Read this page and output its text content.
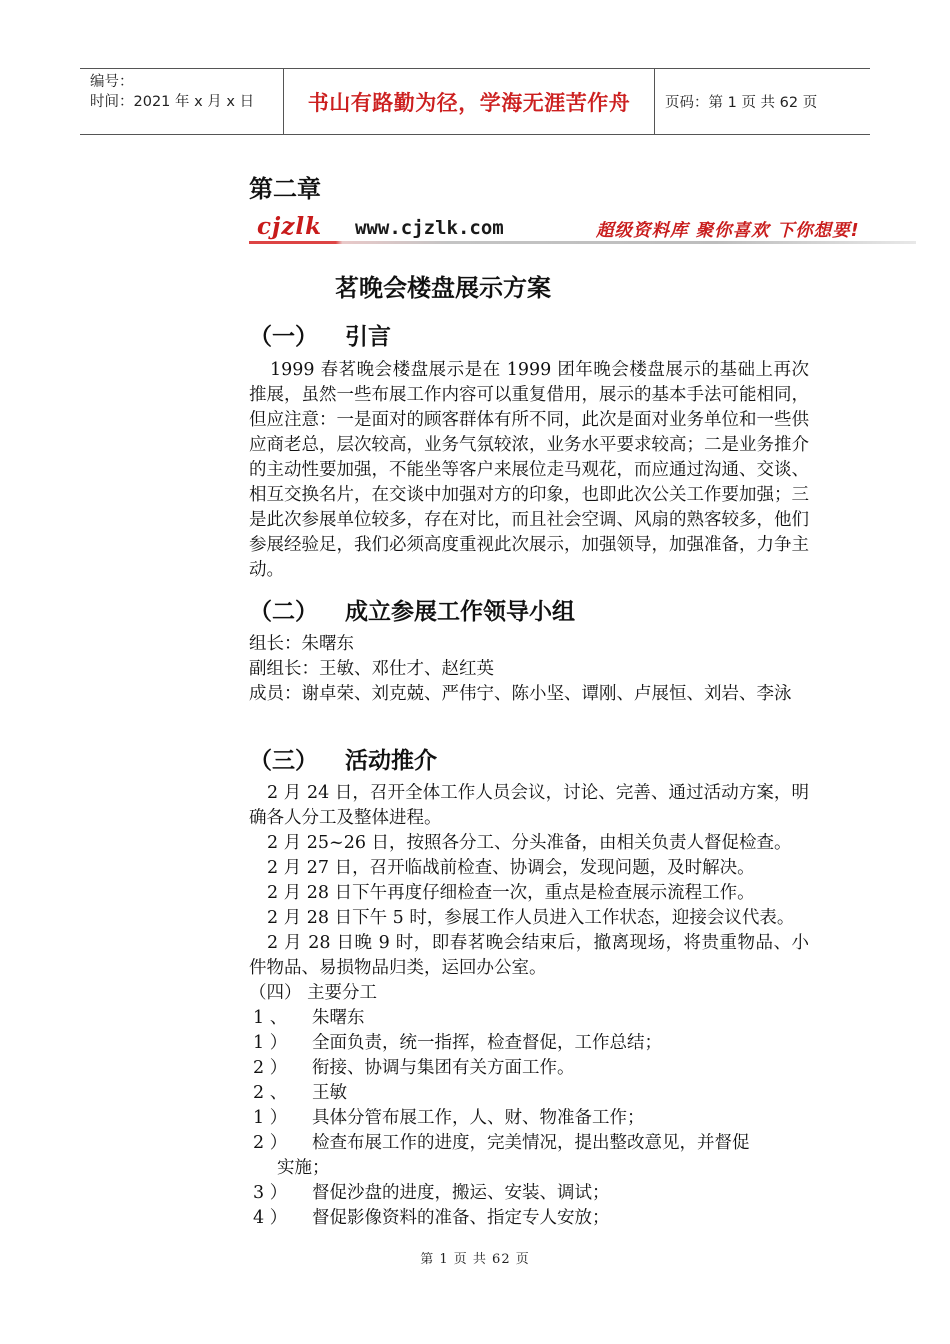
编号：
时间：2021 年 x 月 x 日	书山有路勤为径，学海无涯苦作舟	页码：第 1 页 共 62 页
第二章
cjzlk www.cjzlk.com	超级资料库 聚你喜欢 下你想要!
茗晚会楼盘展示方案
（一） 引言

1999 春茗晚会楼盘展示是在 1999 团年晚会楼盘展示的基础上再次推展，虽然一些布展工作内容可以重复借用，展示的基本手法可能相同，但应注意：一是面对的顾客群体有所不同，此次是面对业务单位和一些供应商老总，层次较高，业务气氛较浓，业务水平要求较高；二是业务推介的主动性要加强，不能坐等客户来展位走马观花，而应通过沟通、交谈、相互交换名片，在交谈中加强对方的印象，也即此次公关工作要加强；三是此次参展单位较多，存在对比，而且社会空调、风扇的熟客较多，他们参展经验足，我们必须高度重视此次展示，加强领导，加强准备，力争主动。

（二） 成立参展工作领导小组

组长：朱曙东

副组长：王敏、邓仕才、赵红英

成员：谢卓荣、刘克兢、严伟宁、陈小坚、谭刚、卢展恒、刘岩、李泳

（三） 活动推介

2 月 24 日，召开全体工作人员会议，讨论、完善、通过活动方案，明确各人分工及整体进程。

2 月 25~26 日，按照各分工、分头准备，由相关负责人督促检查。

2 月 27 日，召开临战前检查、协调会，发现问题，及时解决。

2 月 28 日下午再度仔细检查一次，重点是检查展示流程工作。

2 月 28 日下午 5 时，参展工作人员进入工作状态，迎接会议代表。

2 月 28 日晚 9 时，即春茗晚会结束后，撤离现场，将贵重物品、小件物品、易损物品归类，运回办公室。

（四） 主要分工
1 、	朱曙东
1 ）	全面负责，统一指挥，检查督促，工作总结；
2 ）	衔接、协调与集团有关方面工作。
2 、	王敏
1 ）	具体分管布展工作，人、财、物准备工作；
2 ）	检查布展工作的进度，完美情况，提出整改意见，并督促
实施；
3 ）	督促沙盘的进度，搬运、安装、调试；
4 ）	督促影像资料的准备、指定专人安放；
第 1 页 共 62 页
